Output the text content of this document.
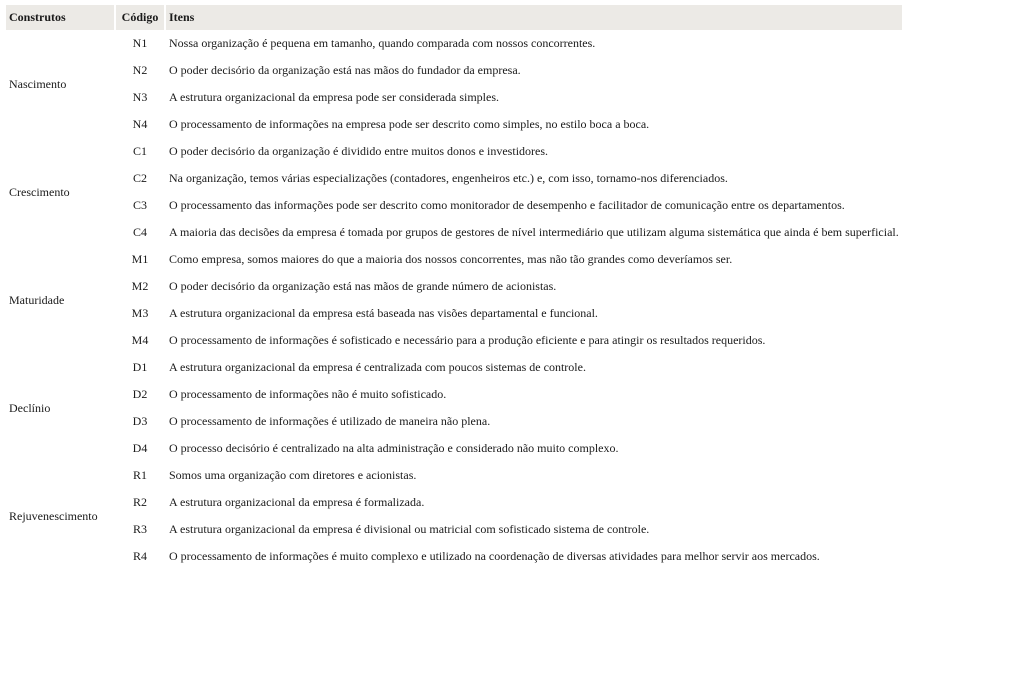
Construtos	Código	Itens
Nascimento	N1	Nossa organização é pequena em tamanho, quando comparada com nossos concorrentes.
	N2	O poder decisório da organização está nas mãos do fundador da empresa.
	N3	A estrutura organizacional da empresa pode ser considerada simples.
	N4	O processamento de informações na empresa pode ser descrito como simples, no estilo boca a boca.
Crescimento	C1	O poder decisório da organização é dividido entre muitos donos e investidores.
	C2	Na organização, temos várias especializações (contadores, engenheiros etc.) e, com isso, tornamo-nos diferenciados.
	C3	O processamento das informações pode ser descrito como monitorador de desempenho e facilitador de comunicação entre os departamentos.
	C4	A maioria das decisões da empresa é tomada por grupos de gestores de nível intermediário que utilizam alguma sistemática que ainda é bem superficial.
Maturidade	M1	Como empresa, somos maiores do que a maioria dos nossos concorrentes, mas não tão grandes como deveríamos ser.
	M2	O poder decisório da organização está nas mãos de grande número de acionistas.
	M3	A estrutura organizacional da empresa está baseada nas visões departamental e funcional.
	M4	O processamento de informações é sofisticado e necessário para a produção eficiente e para atingir os resultados requeridos.
Declínio	D1	A estrutura organizacional da empresa é centralizada com poucos sistemas de controle.
	D2	O processamento de informações não é muito sofisticado.
	D3	O processamento de informações é utilizado de maneira não plena.
	D4	O processo decisório é centralizado na alta administração e considerado não muito complexo.
Rejuvenescimento	R1	Somos uma organização com diretores e acionistas.
	R2	A estrutura organizacional da empresa é formalizada.
	R3	A estrutura organizacional da empresa é divisional ou matricial com sofisticado sistema de controle.
	R4	O processamento de informações é muito complexo e utilizado na coordenação de diversas atividades para melhor servir aos mercados.
